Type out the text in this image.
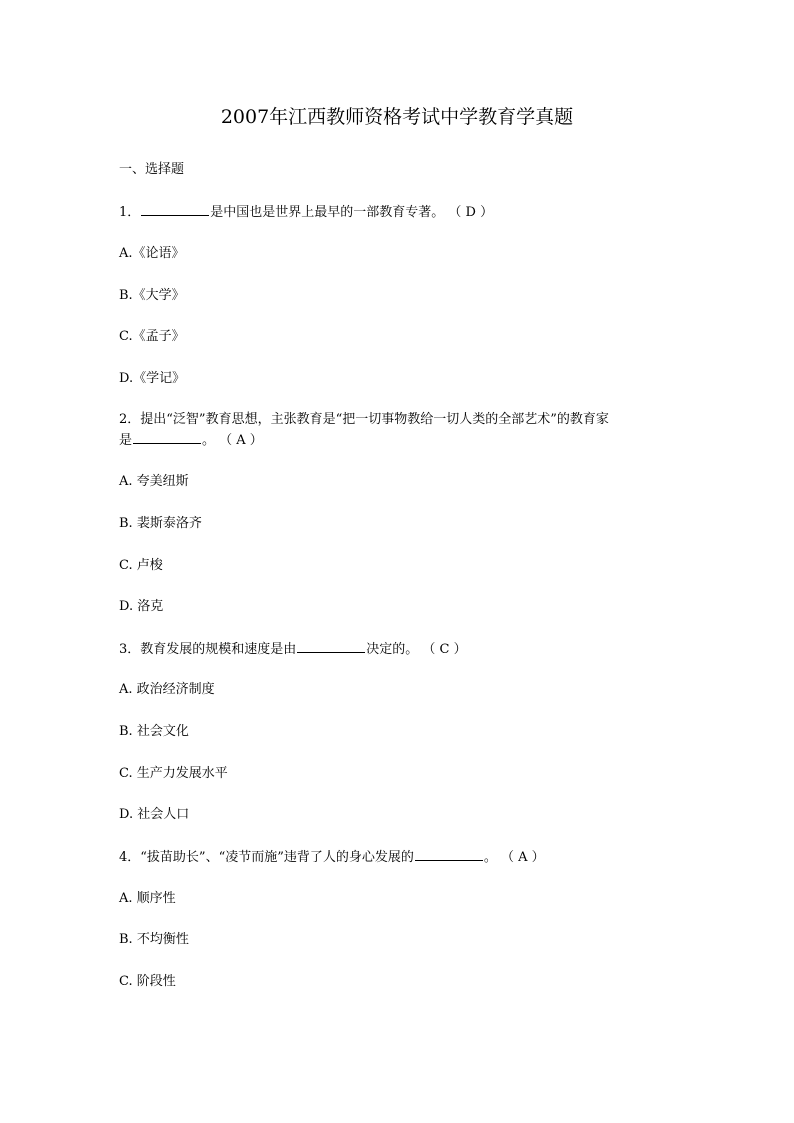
2007年江西教师资格考试中学教育学真题
一、选择题
1．	是中国也是世界上最早的一部教育专著。 （ D ）
A.《论语》
B.《大学》
C.《孟子》
D.《学记》
2．提出“泛智”教育思想，主张教育是“把一切事物教给一切人类的全部艺术”的教育家
是	。 （ A ）
A. 夸美纽斯
B. 裴斯泰洛齐
C. 卢梭
D. 洛克
3．教育发展的规模和速度是由	决定的。 （ C ）
A. 政治经济制度
B. 社会文化
C. 生产力发展水平
D. 社会人口
4．“拔苗助长”、“凌节而施”违背了人的身心发展的	。 （ A ）
A. 顺序性
B. 不均衡性
C. 阶段性
